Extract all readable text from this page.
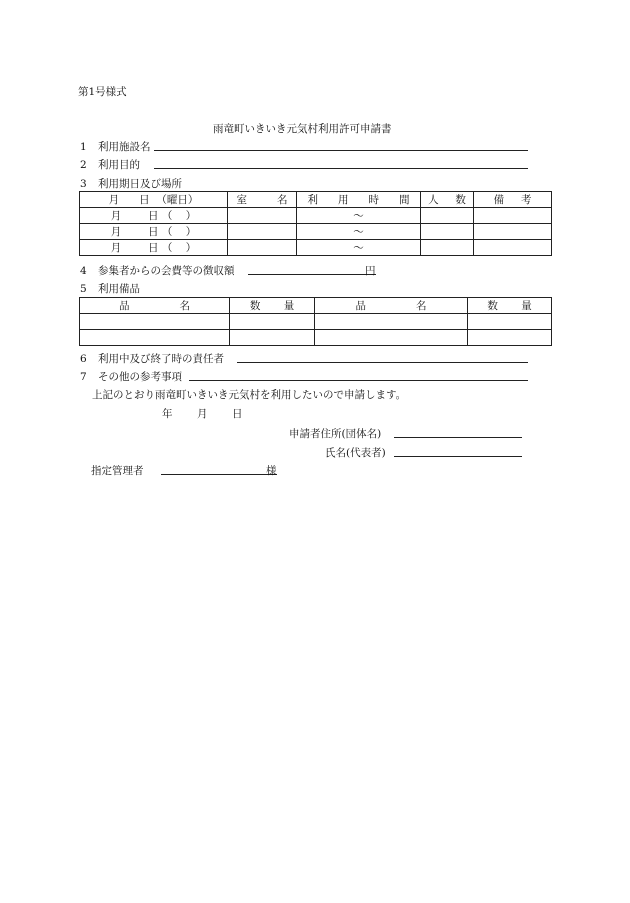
第1号様式
雨竜町いきいき元気村利用許可申請書
1 利用施設名
2 利用目的
3 利用期日及び場所
月 日 （曜日）	室 名	利 用 時 間	人 数	備 考
月 日 （ ）		〜		
月 日 （ ）		〜		
月 日 （ ）		〜		
4 参集者からの会費等の徴収額	円
5 利用備品
品 名	数 量	品 名	数 量

6 利用中及び終了時の責任者
7 その他の参考事項
上記のとおり雨竜町いきいき元気村を利用したいので申請します。
年 月 日
申請者住所(団体名)
氏名(代表者)
指定管理者	様
